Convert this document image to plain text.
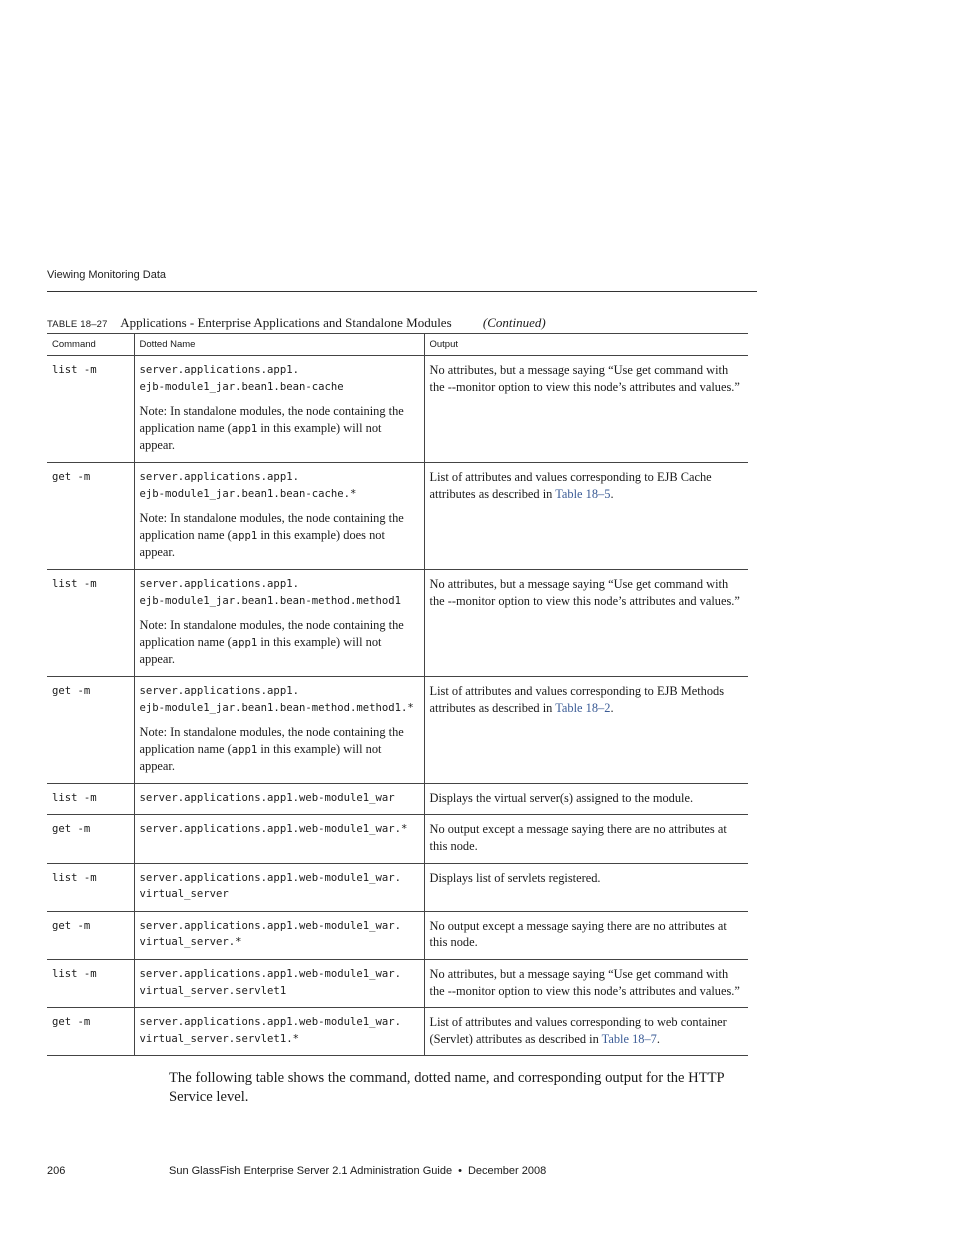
Viewing Monitoring Data
TABLE 18–27 Applications - Enterprise Applications and Standalone Modules (Continued)
Command	Dotted Name	Output

list -m	server.applications.app1.
ejb-module1_jar.bean1.bean-cache
Note: In standalone modules, the node containing the application name (app1 in this example) will not appear.	No attributes, but a message saying “Use get command with the --monitor option to view this node’s attributes and values.”

get -m	server.applications.app1.
ejb-module1_jar.bean1.bean-cache.*
Note: In standalone modules, the node containing the application name (app1 in this example) does not appear.	List of attributes and values corresponding to EJB Cache attributes as described in Table 18–5.

list -m	server.applications.app1.
ejb-module1_jar.bean1.bean-method.method1
Note: In standalone modules, the node containing the application name (app1 in this example) will not appear.	No attributes, but a message saying “Use get command with the --monitor option to view this node’s attributes and values.”

get -m	server.applications.app1.
ejb-module1_jar.bean1.bean-method.method1.*
Note: In standalone modules, the node containing the application name (app1 in this example) will not appear.	List of attributes and values corresponding to EJB Methods attributes as described in Table 18–2.

list -m	server.applications.app1.web-module1_war	Displays the virtual server(s) assigned to the module.

get -m	server.applications.app1.web-module1_war.*	No output except a message saying there are no attributes at this node.

list -m	server.applications.app1.web-module1_war.
virtual_server	Displays list of servlets registered.

get -m	server.applications.app1.web-module1_war.
virtual_server.*	No output except a message saying there are no attributes at this node.

list -m	server.applications.app1.web-module1_war.
virtual_server.servlet1	No attributes, but a message saying “Use get command with the --monitor option to view this node’s attributes and values.”

get -m	server.applications.app1.web-module1_war.
virtual_server.servlet1.*	List of attributes and values corresponding to web container (Servlet) attributes as described in Table 18–7.

The following table shows the command, dotted name, and corresponding output for the HTTP Service level.

206	Sun GlassFish Enterprise Server 2.1 Administration Guide • December 2008
